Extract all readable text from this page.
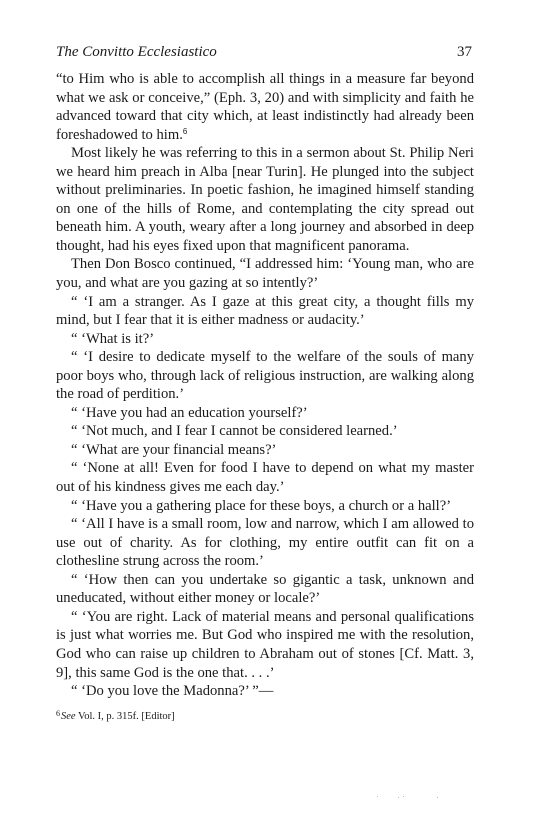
The Convitto Ecclesiastico	37

“to Him who is able to accomplish all things in a measure far beyond what we ask or conceive,” (Eph. 3, 20) and with simplicity and faith he advanced toward that city which, at least indistinctly had already been foreshadowed to him.$^6$

Most likely he was referring to this in a sermon about St. Philip Neri we heard him preach in Alba [near Turin]. He plunged into the subject without preliminaries. In poetic fashion, he imagined himself standing on one of the hills of Rome, and contemplating the city spread out beneath him. A youth, weary after a long journey and absorbed in deep thought, had his eyes fixed upon that magnificent panorama.

Then Don Bosco continued, “I addressed him: ‘Young man, who are you, and what are you gazing at so intently?’

“ ‘I am a stranger. As I gaze at this great city, a thought fills my mind, but I fear that it is either madness or audacity.’

“ ‘What is it?’

“ ‘I desire to dedicate myself to the welfare of the souls of many poor boys who, through lack of religious instruction, are walking along the road of perdition.’

“ ‘Have you had an education yourself?’

“ ‘Not much, and I fear I cannot be considered learned.’

“ ‘What are your financial means?’

“ ‘None at all! Even for food I have to depend on what my master out of his kindness gives me each day.’

“ ‘Have you a gathering place for these boys, a church or a hall?’

“ ‘All I have is a small room, low and narrow, which I am allowed to use out of charity. As for clothing, my entire outfit can fit on a clothesline strung across the room.’

“ ‘How then can you undertake so gigantic a task, unknown and uneducated, without either money or locale?’

“ ‘You are right. Lack of material means and personal qualifications is just what worries me. But God who inspired me with the resolution, God who can raise up children to Abraham out of stones [Cf. Matt. 3, 9], this same God is the one that. . . .’

“ ‘Do you love the Madonna?’ ”—

$^6$See Vol. I, p. 315f. [Editor]
